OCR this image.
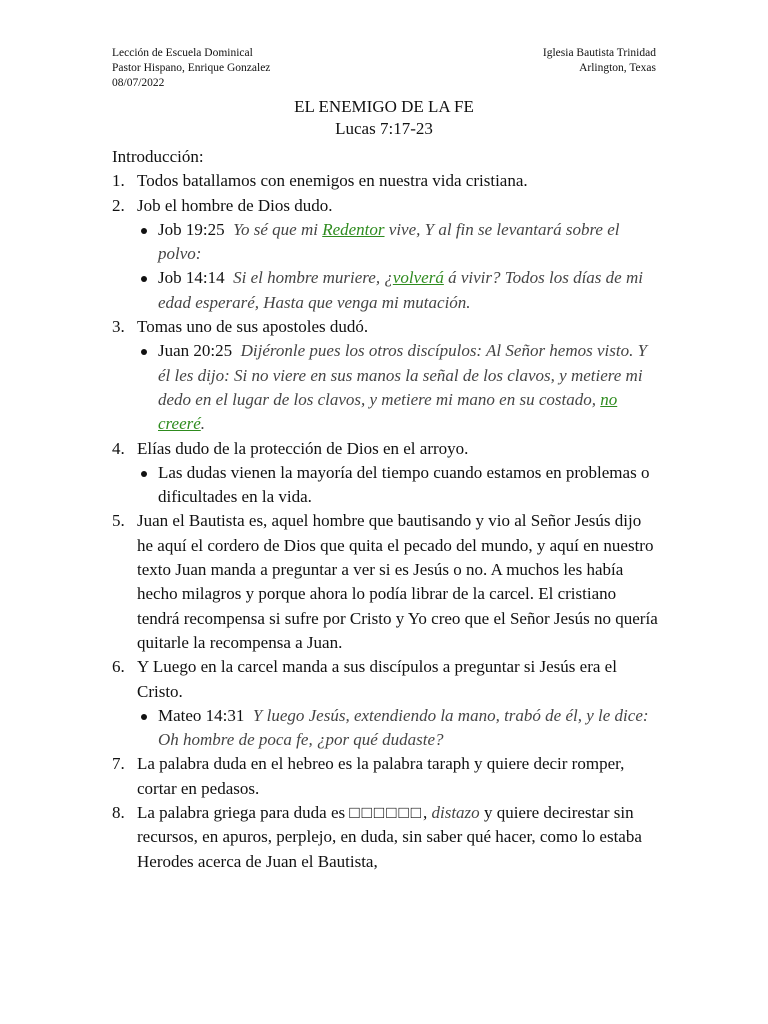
Lección de Escuela Dominical
Pastor Hispano, Enrique Gonzalez
08/07/2022
Iglesia Bautista Trinidad
Arlington, Texas
EL ENEMIGO DE LA FE
Lucas 7:17-23

Introducción:

1. Todos batallamos con enemigos en nuestra vida cristiana.
2. Job el hombre de Dios dudo.
Job 19:25 Yo sé que mi Redentor vive, Y al fin se levantará sobre el polvo:
Job 14:14 Si el hombre muriere, ¿volverá á vivir? Todos los días de mi edad esperaré, Hasta que venga mi mutación.
3. Tomas uno de sus apostoles dudó.
Juan 20:25 Dijéronle pues los otros discípulos: Al Señor hemos visto. Y él les dijo: Si no viere en sus manos la señal de los clavos, y metiere mi dedo en el lugar de los clavos, y metiere mi mano en su costado, no creeré.
4. Elías dudo de la protección de Dios en el arroyo.
Las dudas vienen la mayoría del tiempo cuando estamos en problemas o dificultades en la vida.
5. Juan el Bautista es, aquel hombre que bautisando y vio al Señor Jesús dijo he aquí el cordero de Dios que quita el pecado del mundo, y aquí en nuestro texto Juan manda a preguntar a ver si es Jesús o no. A muchos les había hecho milagros y porque ahora lo podía librar de la carcel. El cristiano tendrá recompensa si sufre por Cristo y Yo creo que el Señor Jesús no quería quitarle la recompensa a Juan.
6. Y Luego en la carcel manda a sus discípulos a preguntar si Jesús era el Cristo.
Mateo 14:31 Y luego Jesús, extendiendo la mano, trabó de él, y le dice: Oh hombre de poca fe, ¿por qué dudaste?
7. La palabra duda en el hebreo es la palabra taraph y quiere decir romper, cortar en pedasos.
8. La palabra griega para duda es □□□□□□, distazo y quiere decirestar sin recursos, en apuros, perplejo, en duda, sin saber qué hacer, como lo estaba Herodes acerca de Juan el Bautista,
